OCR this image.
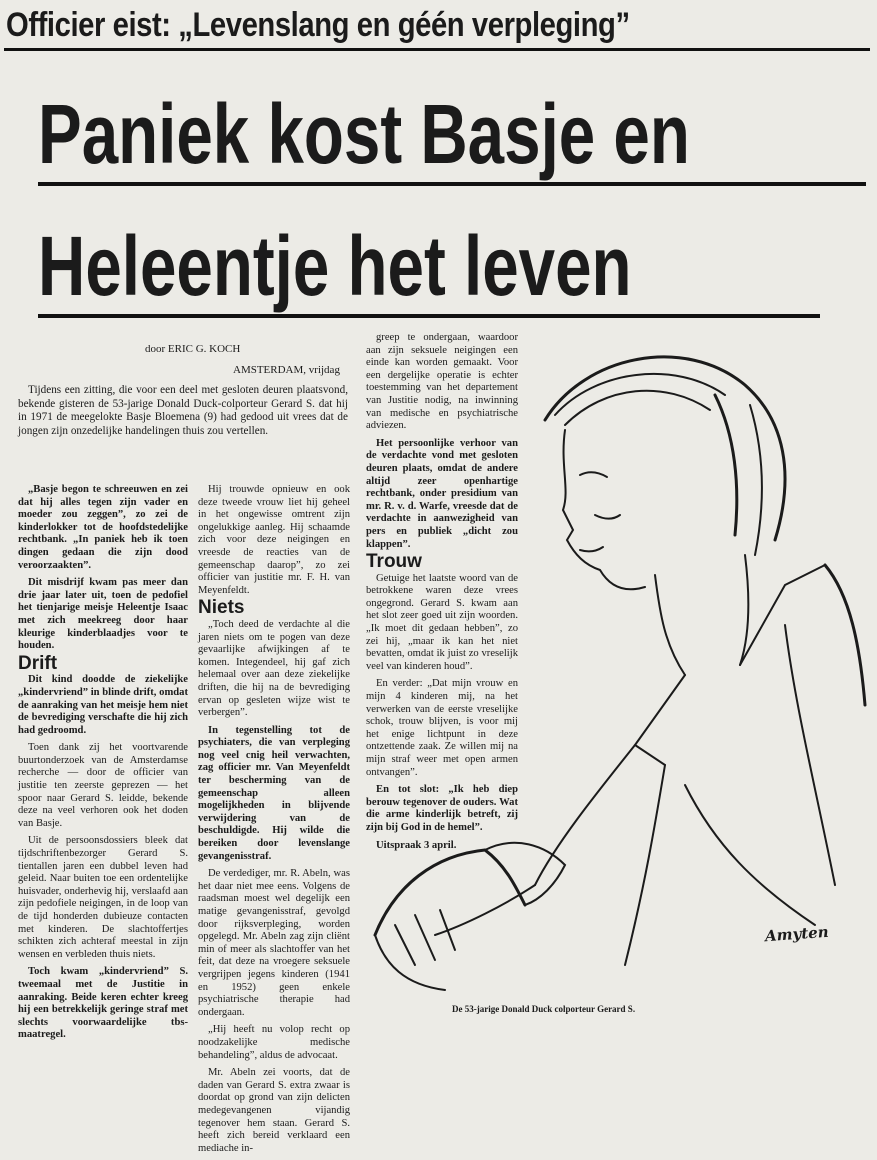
Officier eist: „Levenslang en géén verpleging”
Paniek kost Basje en
Heleentje het leven
door ERIC G. KOCH
AMSTERDAM, vrijdag

Tijdens een zitting, die voor een deel met gesloten deuren plaatsvond, bekende gisteren de 53-jarige Donald Duck-colporteur Gerard S. dat hij in 1971 de meegelokte Basje Bloemena (9) had gedood uit vrees dat de jongen zijn onzedelijke handelingen thuis zou vertellen.

„Basje begon te schreeuwen en zei dat hij alles tegen zijn vader en moeder zou zeggen”, zo zei de kinderlokker tot de hoofdstedelijke rechtbank. „In paniek heb ik toen dingen gedaan die zijn dood veroorzaakten”.

Dit misdrijf kwam pas meer dan drie jaar later uit, toen de pedofiel het tienjarige meisje Heleentje Isaac met zich meekreeg door haar kleurige kinderblaadjes voor te houden.

Drift

Dit kind doodde de ziekelijke „kindervriend” in blinde drift, omdat de aanraking van het meisje hem niet de bevrediging verschafte die hij zich had gedroomd.

Toen dank zij het voortvarende buurtonderzoek van de Amsterdamse recherche — door de officier van justitie ten zeerste geprezen — het spoor naar Gerard S. leidde, bekende deze na veel verhoren ook het doden van Basje.

Uit de persoonsdossiers bleek dat tijdschriftenbezorger Gerard S. tientallen jaren een dubbel leven had geleid. Naar buiten toe een ordentelijke huisvader, onderhevig hij, verslaafd aan zijn pedofiele neigingen, in de loop van de tijd honderden dubieuze contacten met kinderen. De slachtoffertjes schikten zich achteraf meestal in zijn wensen en verbleden thuis niets.

Toch kwam „kindervriend” S. tweemaal met de Justitie in aanraking. Beide keren echter kreeg hij een betrekkelijk geringe straf met slechts voorwaardelijke tbs-maatregel.

Hij trouwde opnieuw en ook deze tweede vrouw liet hij geheel in het ongewisse omtrent zijn ongelukkige aanleg. Hij schaamde zich voor deze neigingen en vreesde de reacties van de gemeenschap daarop”, zo zei officier van justitie mr. F. H. van Meyenfeldt.

Niets

„Toch deed de verdachte al die jaren niets om te pogen van deze gevaarlijke afwijkingen af te komen. Integendeel, hij gaf zich helemaal over aan deze ziekelijke driften, die hij na de bevrediging ervan op gesleten wijze wist te verbergen”.

In tegenstelling tot de psychiaters, die van verpleging nog veel cnig heil verwachten, zag officier mr. Van Meyenfeldt ter bescherming van de gemeenschap alleen mogelijkheden in blijvende verwijdering van de beschuldigde. Hij wilde die bereiken door levenslange gevangenisstraf.

De verdediger, mr. R. Abeln, was het daar niet mee eens. Volgens de raadsman moest wel degelijk een matige gevangenisstraf, gevolgd door rijksverpleging, worden opgelegd. Mr. Abeln zag zijn cliënt min of meer als slachtoffer van het feit, dat deze na vroegere seksuele vergrijpen jegens kinderen (1941 en 1952) geen enkele psychiatrische therapie had ondergaan.

„Hij heeft nu volop recht op noodzakelijke medische behandeling”, aldus de advocaat.

Mr. Abeln zei voorts, dat de daden van Gerard S. extra zwaar is doordat op grond van zijn delicten medegevangenen vijandig tegenover hem staan. Gerard S. heeft zich bereid verklaard een mediache in-

greep te ondergaan, waardoor aan zijn seksuele neigingen een einde kan worden gemaakt. Voor een dergelijke operatie is echter toestemming van het departement van Justitie nodig, na inwinning van medische en psychiatrische adviezen.

Het persoonlijke verhoor van de verdachte vond met gesloten deuren plaats, omdat de andere altijd zeer openhartige rechtbank, onder presidium van mr. R. v. d. Warfe, vreesde dat de verdachte in aanwezigheid van pers en publiek „dicht zou klappen”.

Trouw

Getuige het laatste woord van de betrokkene waren deze vrees ongegrond. Gerard S. kwam aan het slot zeer goed uit zijn woorden. „Ik moet dit gedaan hebben”, zo zei hij, „maar ik kan het niet bevatten, omdat ik juist zo vreselijk veel van kinderen houd”.

En verder: „Dat mijn vrouw en mijn 4 kinderen mij, na het verwerken van de eerste vreselijke schok, trouw blijven, is voor mij het enige lichtpunt in deze ontzettende zaak. Ze willen mij na mijn straf weer met open armen ontvangen”.

En tot slot: „Ik heb diep berouw tegenover de ouders. Wat die arme kinderlijk betreft, zij zijn bij God in de hemel”.

Uitspraak 3 april.

Amyten
De 53-jarige Donald Duck colporteur Gerard S.
